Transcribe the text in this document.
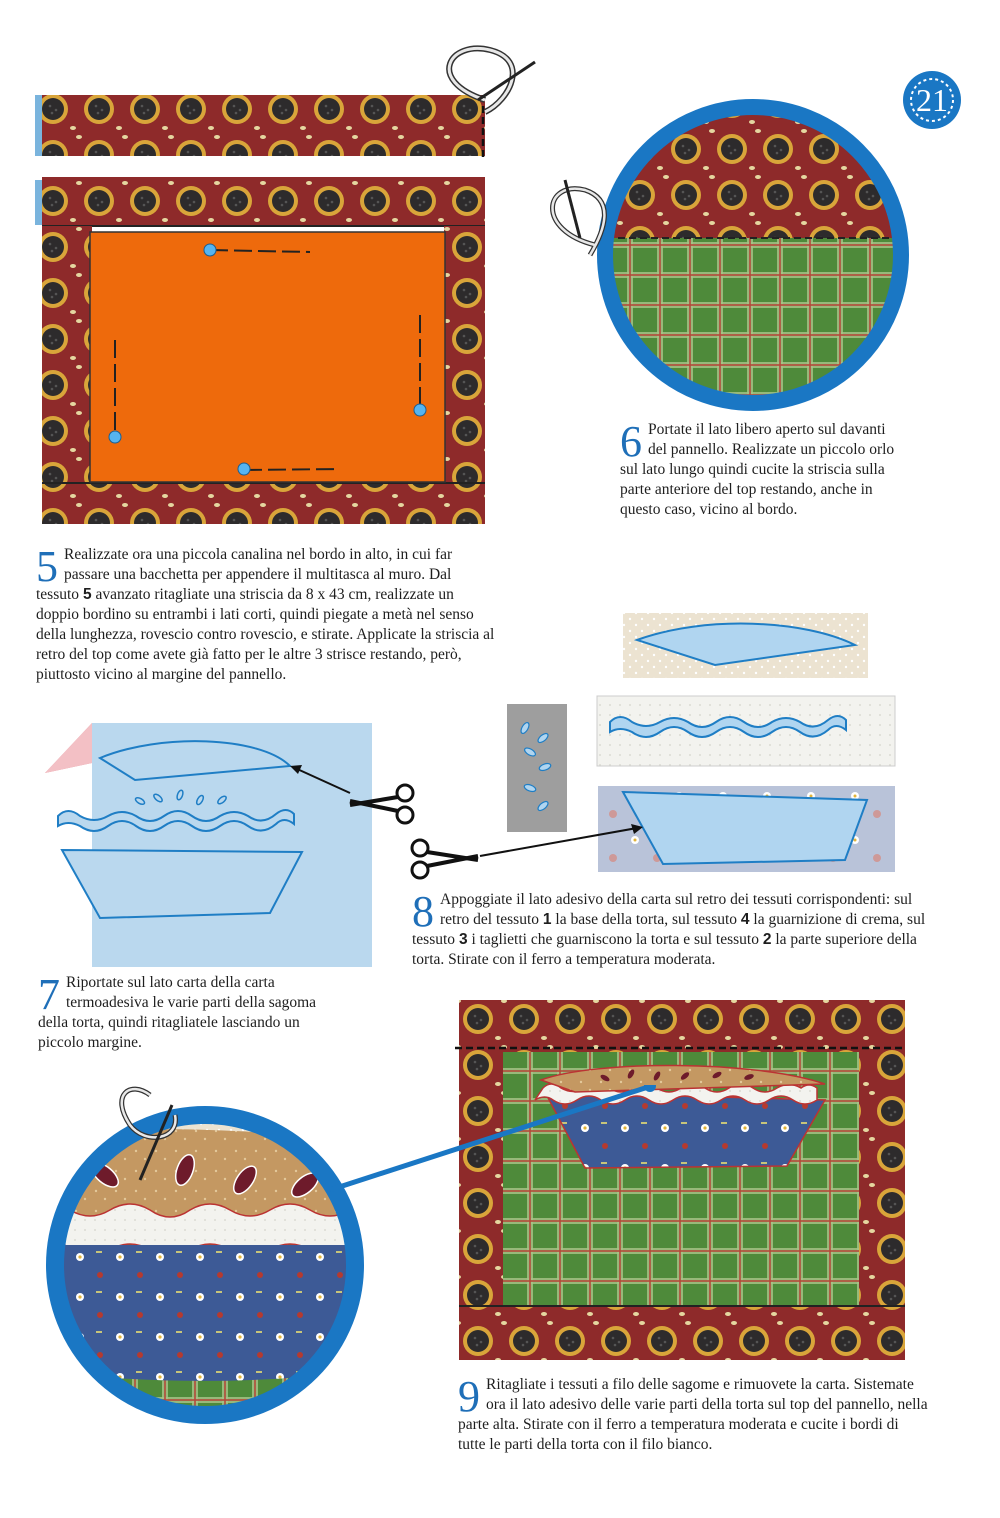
21
6 Portate il lato libero aperto sul davanti del pannello. Realizzate un piccolo orlo sul lato lungo quindi cucite la striscia sulla parte anteriore del top restando, anche in questo caso, vicino al bordo.
5 Realizzate ora una piccola canalina nel bordo in alto, in cui far passare una bacchetta per appendere il multitasca al muro. Dal tessuto 5 avanzato ritagliate una striscia da 8 x 43 cm, realizzate un doppio bordino su entrambi i lati corti, quindi piegate a metà nel senso della lunghezza, rovescio contro rovescio, e stirate. Applicate la striscia al retro del top come avete già fatto per le altre 3 strisce restando, però, piuttosto vicino al margine del pannello.
8 Appoggiate il lato adesivo della carta sul retro dei tessuti corrispondenti: sul retro del tessuto 1 la base della torta, sul tessuto 4 la guarnizione di crema, sul tessuto 3 i taglietti che guarniscono la torta e sul tessuto 2 la parte superiore della torta. Stirate con il ferro a temperatura moderata.
7 Riportate sul lato carta della carta termoadesiva le varie parti della sagoma della torta, quindi ritagliatele lasciando un piccolo margine.
9 Ritagliate i tessuti a filo delle sagome e rimuovete la carta. Sistemate ora il lato adesivo delle varie parti della torta sul top del pannello, nella parte alta. Stirate con il ferro a temperatura moderata e cucite i bordi di tutte le parti della torta con il filo bianco.
